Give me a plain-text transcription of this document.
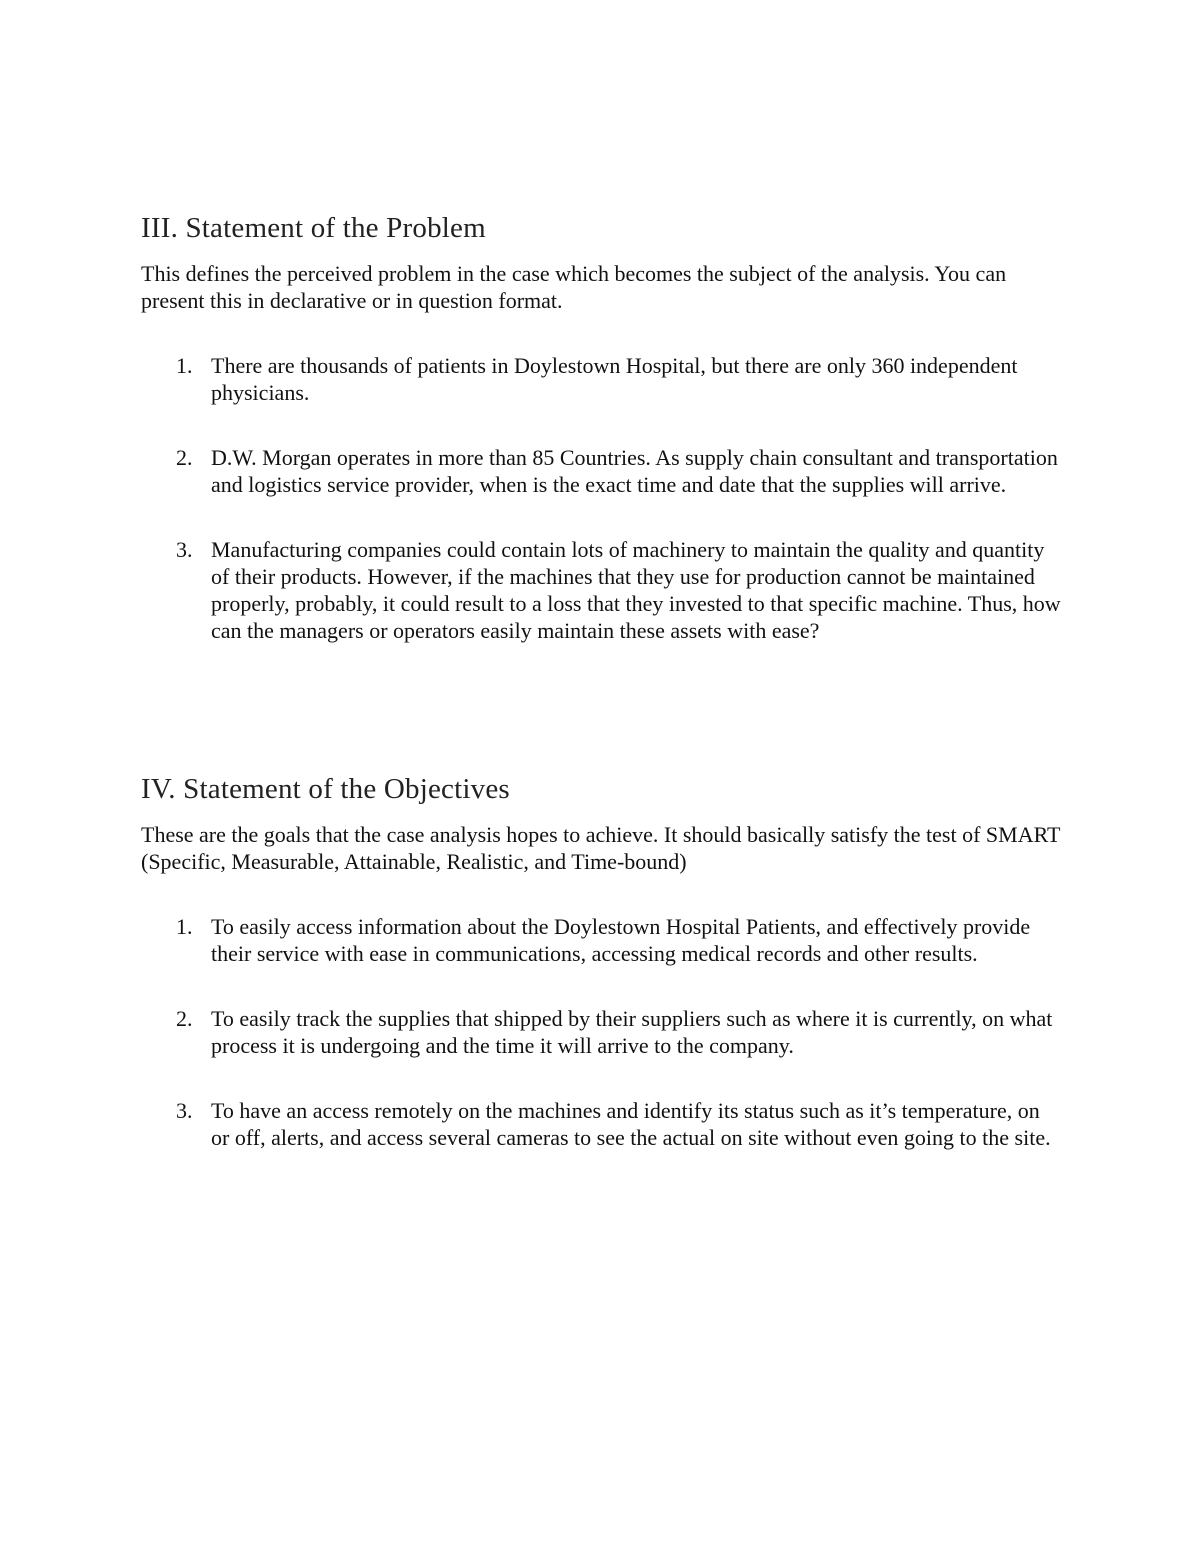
III. Statement of the Problem

This defines the perceived problem in the case which becomes the subject of the analysis. You can present this in declarative or in question format.

1. There are thousands of patients in Doylestown Hospital, but there are only 360 independent physicians.
2. D.W. Morgan operates in more than 85 Countries. As supply chain consultant and transportation and logistics service provider, when is the exact time and date that the supplies will arrive.
3. Manufacturing companies could contain lots of machinery to maintain the quality and quantity of their products. However, if the machines that they use for production cannot be maintained properly, probably, it could result to a loss that they invested to that specific machine. Thus, how can the managers or operators easily maintain these assets with ease?
IV. Statement of the Objectives

These are the goals that the case analysis hopes to achieve. It should basically satisfy the test of SMART (Specific, Measurable, Attainable, Realistic, and Time-bound)

1. To easily access information about the Doylestown Hospital Patients, and effectively provide their service with ease in communications, accessing medical records and other results.
2. To easily track the supplies that shipped by their suppliers such as where it is currently, on what process it is undergoing and the time it will arrive to the company.
3. To have an access remotely on the machines and identify its status such as it’s temperature, on or off, alerts, and access several cameras to see the actual on site without even going to the site.
